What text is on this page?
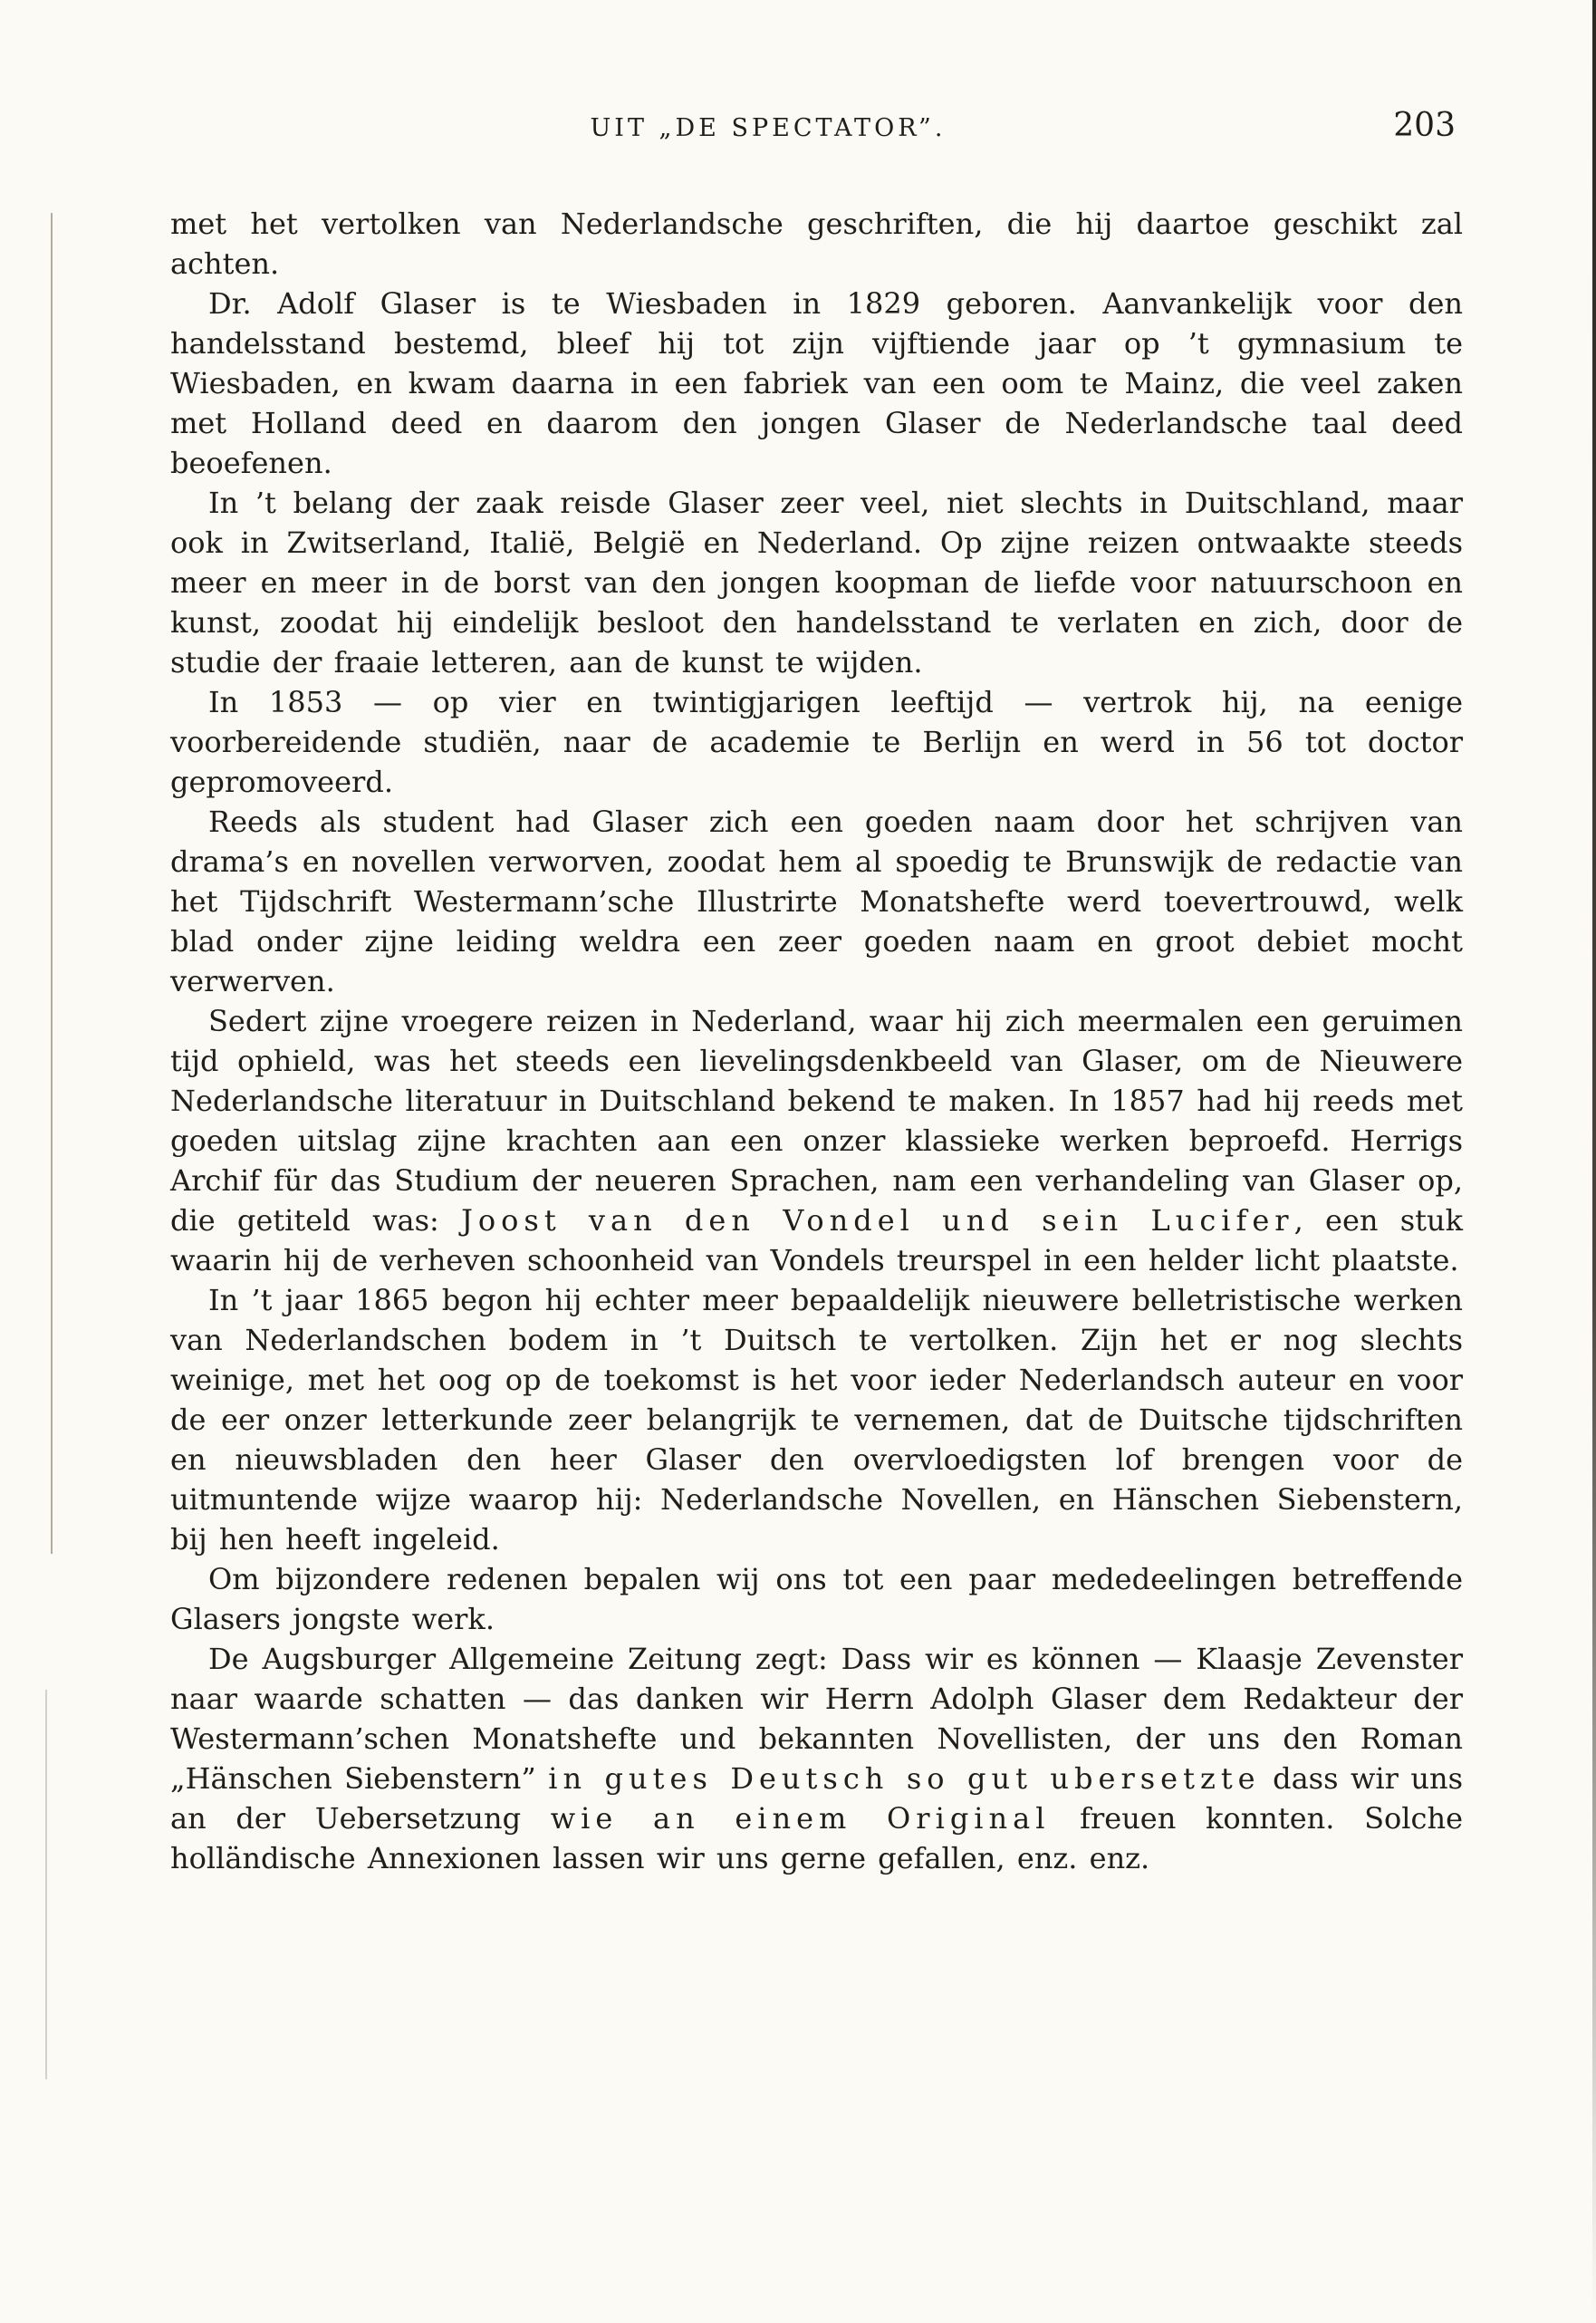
UIT „DE SPECTATOR”.	203

met het vertolken van Nederlandsche geschriften, die hij daartoe geschikt zal achten.

Dr. Adolf Glaser is te Wiesbaden in 1829 geboren. Aanvankelijk voor den handelsstand bestemd, bleef hij tot zijn vijftiende jaar op ’t gymnasium te Wiesbaden, en kwam daarna in een fabriek van een oom te Mainz, die veel zaken met Holland deed en daarom den jongen Glaser de Nederlandsche taal deed beoefenen.

In ’t belang der zaak reisde Glaser zeer veel, niet slechts in Duitschland, maar ook in Zwitserland, Italië, België en Nederland. Op zijne reizen ontwaakte steeds meer en meer in de borst van den jongen koopman de liefde voor natuurschoon en kunst, zoodat hij eindelijk besloot den handelsstand te verlaten en zich, door de studie der fraaie letteren, aan de kunst te wijden.

In 1853 — op vier en twintigjarigen leeftijd — vertrok hij, na eenige voorbereidende studiën, naar de academie te Berlijn en werd in 56 tot doctor gepromoveerd.

Reeds als student had Glaser zich een goeden naam door het schrijven van drama’s en novellen verworven, zoodat hem al spoedig te Brunswijk de redactie van het Tijdschrift Westermann’sche Illustrirte Monatshefte werd toevertrouwd, welk blad onder zijne leiding weldra een zeer goeden naam en groot debiet mocht verwerven.

Sedert zijne vroegere reizen in Nederland, waar hij zich meermalen een geruimen tijd ophield, was het steeds een lievelingsdenkbeeld van Glaser, om de Nieuwere Nederlandsche literatuur in Duitschland bekend te maken. In 1857 had hij reeds met goeden uitslag zijne krachten aan een onzer klassieke werken beproefd. Herrigs Archif für das Studium der neueren Sprachen, nam een verhandeling van Glaser op, die getiteld was: Joost van den Vondel und sein Lucifer, een stuk waarin hij de verheven schoonheid van Vondels treurspel in een helder licht plaatste.

In ’t jaar 1865 begon hij echter meer bepaaldelijk nieuwere belletristische werken van Nederlandschen bodem in ’t Duitsch te vertolken. Zijn het er nog slechts weinige, met het oog op de toekomst is het voor ieder Nederlandsch auteur en voor de eer onzer letterkunde zeer belangrijk te vernemen, dat de Duitsche tijdschriften en nieuwsbladen den heer Glaser den overvloedigsten lof brengen voor de uitmuntende wijze waarop hij: Nederlandsche Novellen, en Hänschen Siebenstern, bij hen heeft ingeleid.

Om bijzondere redenen bepalen wij ons tot een paar mededeelingen betreffende Glasers jongste werk.

De Augsburger Allgemeine Zeitung zegt: Dass wir es können — Klaasje Zevenster naar waarde schatten — das danken wir Herrn Adolph Glaser dem Redakteur der Westermann’schen Monatshefte und bekannten Novellisten, der uns den Roman „Hänschen Siebenstern” in gutes Deutsch so gut ubersetzte dass wir uns an der Uebersetzung wie an einem Original freuen konnten. Solche holländische Annexionen lassen wir uns gerne gefallen, enz. enz.
